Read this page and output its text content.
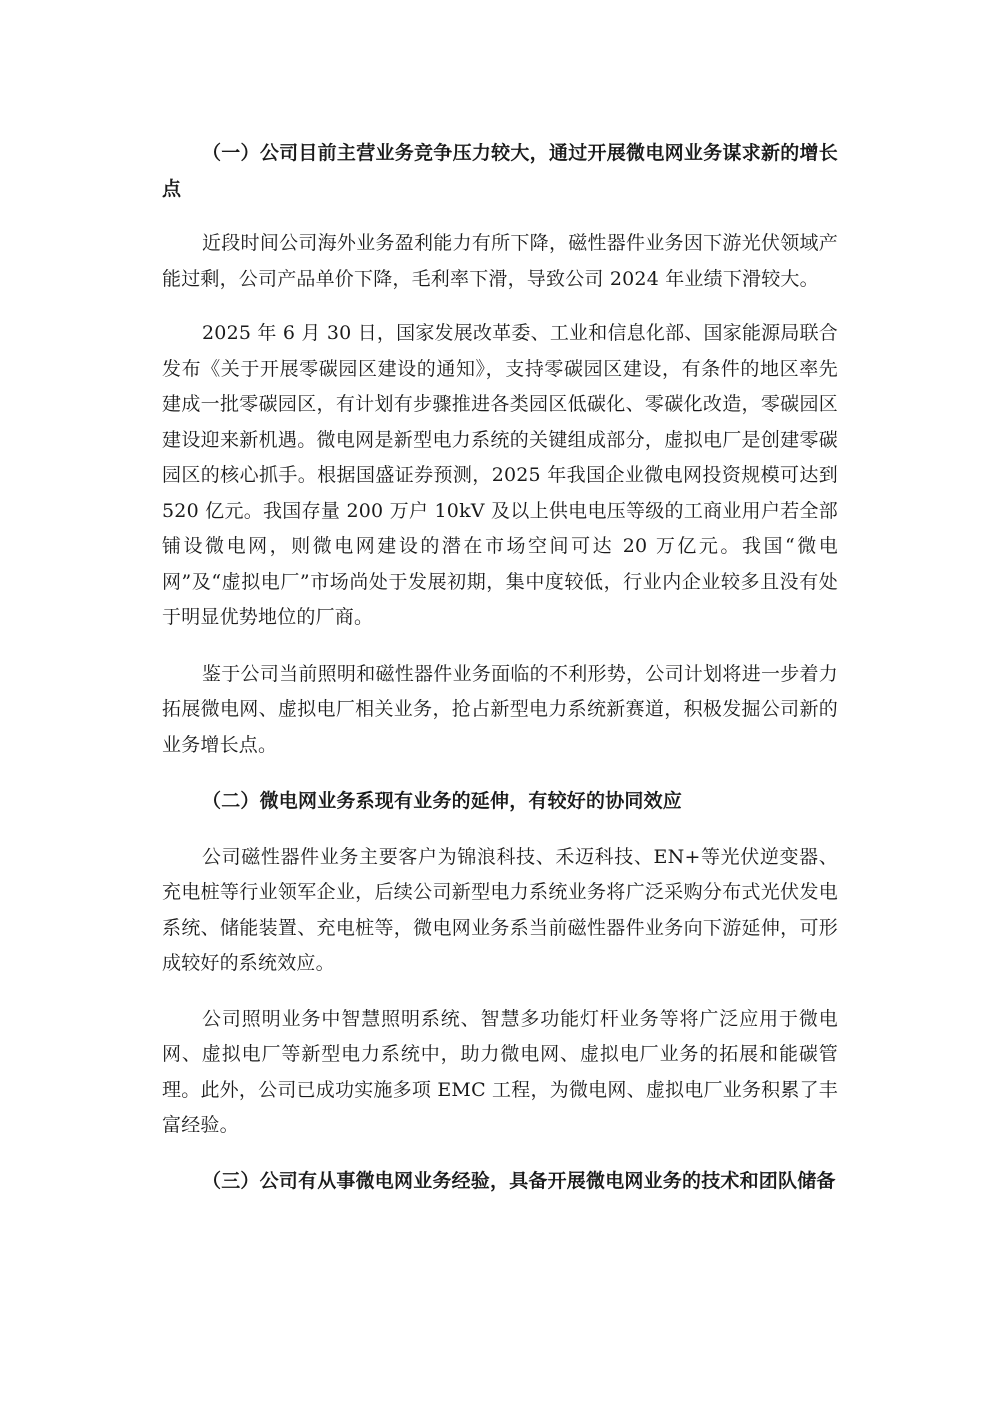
（一）公司目前主营业务竞争压力较大，通过开展微电网业务谋求新的增长点

近段时间公司海外业务盈利能力有所下降，磁性器件业务因下游光伏领域产能过剩，公司产品单价下降，毛利率下滑，导致公司 2024 年业绩下滑较大。

2025 年 6 月 30 日，国家发展改革委、工业和信息化部、国家能源局联合发布《关于开展零碳园区建设的通知》，支持零碳园区建设，有条件的地区率先建成一批零碳园区，有计划有步骤推进各类园区低碳化、零碳化改造，零碳园区建设迎来新机遇。微电网是新型电力系统的关键组成部分，虚拟电厂是创建零碳园区的核心抓手。根据国盛证券预测，2025 年我国企业微电网投资规模可达到 520 亿元。我国存量 200 万户 10kV 及以上供电电压等级的工商业用户若全部铺设微电网，则微电网建设的潜在市场空间可达 20 万亿元。我国“微电网”及“虚拟电厂”市场尚处于发展初期，集中度较低，行业内企业较多且没有处于明显优势地位的厂商。

鉴于公司当前照明和磁性器件业务面临的不利形势，公司计划将进一步着力拓展微电网、虚拟电厂相关业务，抢占新型电力系统新赛道，积极发掘公司新的业务增长点。

（二）微电网业务系现有业务的延伸，有较好的协同效应

公司磁性器件业务主要客户为锦浪科技、禾迈科技、EN+等光伏逆变器、充电桩等行业领军企业，后续公司新型电力系统业务将广泛采购分布式光伏发电系统、储能装置、充电桩等，微电网业务系当前磁性器件业务向下游延伸，可形成较好的系统效应。

公司照明业务中智慧照明系统、智慧多功能灯杆业务等将广泛应用于微电网、虚拟电厂等新型电力系统中，助力微电网、虚拟电厂业务的拓展和能碳管理。此外，公司已成功实施多项 EMC 工程，为微电网、虚拟电厂业务积累了丰富经验。

（三）公司有从事微电网业务经验，具备开展微电网业务的技术和团队储备
